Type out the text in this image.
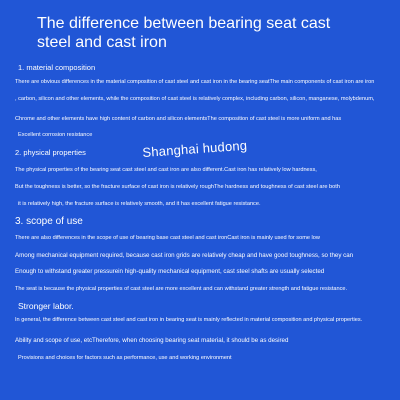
The difference between bearing seat cast steel and cast iron
1. material composition
There are obvious differences in the material composition of cast steel and cast iron in the bearing seatThe main components of cast iron are iron
, carbon, silicon and other elements, while the composition of cast steel is relatively complex, including carbon, silicon, manganese, molybdenum,
Chrome and other elements have high content of carbon and silicon elementsThe composition of cast steel is more uniform and has
Excellent corrosion resistance
2. physical properties
The physical properties of the bearing seat cast steel and cast iron are also different.Cast iron has relatively low hardness,
But the toughness is better, so the fracture surface of cast iron is relatively roughThe hardness and toughness of cast steel are both
it is relatively high, the fracture surface is relatively smooth, and it has excellent fatigue resistance.
3. scope of use
There are also differences in the scope of use of bearing base cast steel and cast ironCast iron is mainly used for some low
Among mechanical equipment required, because cast iron grids are relatively cheap and have good toughness, so they can
Enough to withstand greater pressurein high-quality mechanical equipment, cast steel shafts are usually selected
The seat is because the physical properties of cast steel are more excellent and can withstand greater strength and fatigue resistance.
Stronger labor.
In general, the difference between cast steel and cast iron in bearing seat is mainly reflected in material composition and physical properties.
Ability and scope of use, etcTherefore, when choosing bearing seat material, it should be as desired
Provisions and choices for factors such as performance, use and working environment
Shanghai hudong
